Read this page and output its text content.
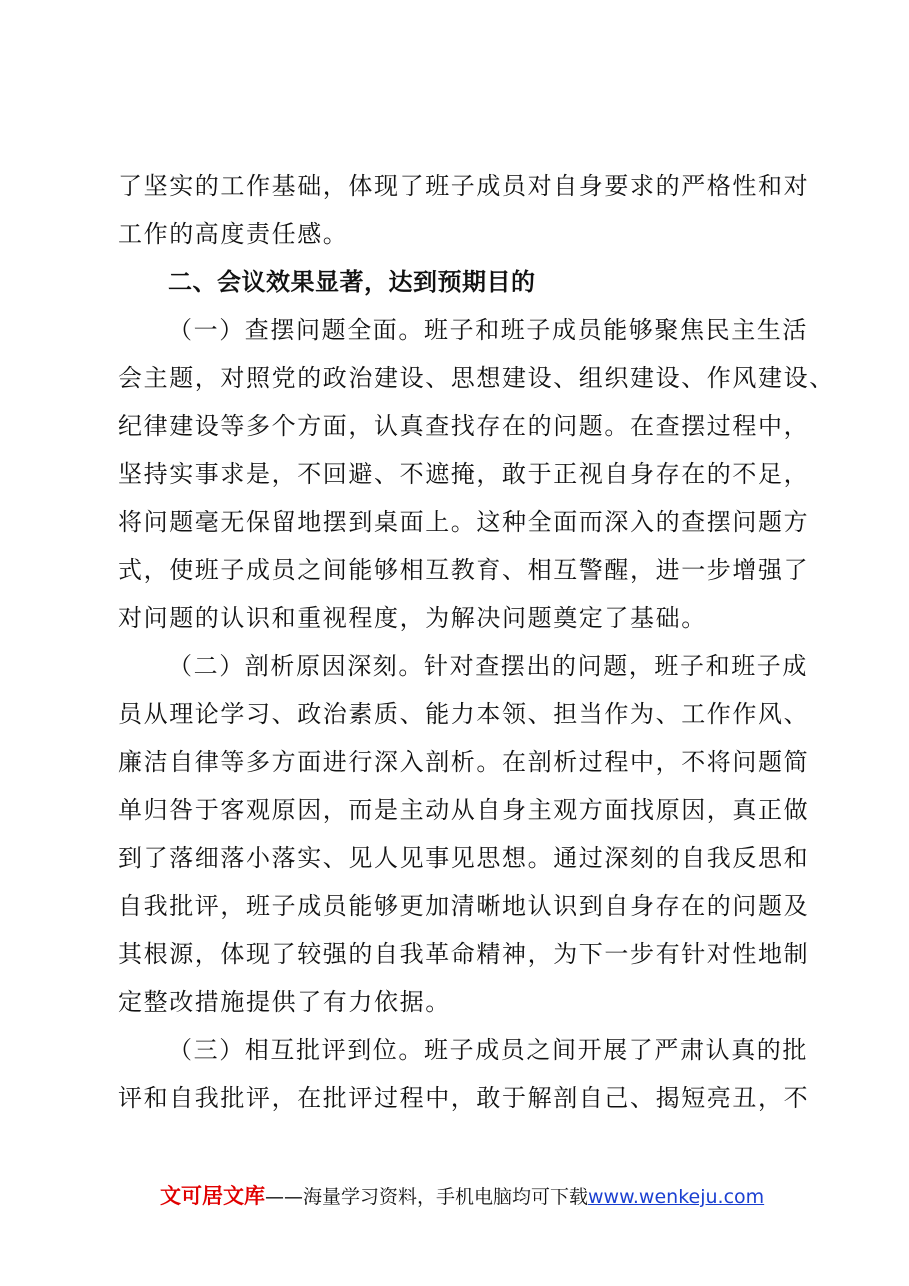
了坚实的工作基础，体现了班子成员对自身要求的严格性和对
工作的高度责任感。
二、会议效果显著，达到预期目的
（一）查摆问题全面。班子和班子成员能够聚焦民主生活
会主题，对照党的政治建设、思想建设、组织建设、作风建设、
纪律建设等多个方面，认真查找存在的问题。在查摆过程中，
坚持实事求是，不回避、不遮掩，敢于正视自身存在的不足，
将问题毫无保留地摆到桌面上。这种全面而深入的查摆问题方
式，使班子成员之间能够相互教育、相互警醒，进一步增强了
对问题的认识和重视程度，为解决问题奠定了基础。
（二）剖析原因深刻。针对查摆出的问题，班子和班子成
员从理论学习、政治素质、能力本领、担当作为、工作作风、
廉洁自律等多方面进行深入剖析。在剖析过程中，不将问题简
单归咎于客观原因，而是主动从自身主观方面找原因，真正做
到了落细落小落实、见人见事见思想。通过深刻的自我反思和
自我批评，班子成员能够更加清晰地认识到自身存在的问题及
其根源，体现了较强的自我革命精神，为下一步有针对性地制
定整改措施提供了有力依据。
（三）相互批评到位。班子成员之间开展了严肃认真的批
评和自我批评，在批评过程中，敢于解剖自己、揭短亮丑，不
文可居文库——海量学习资料，手机电脑均可下载www.wenkeju.com
